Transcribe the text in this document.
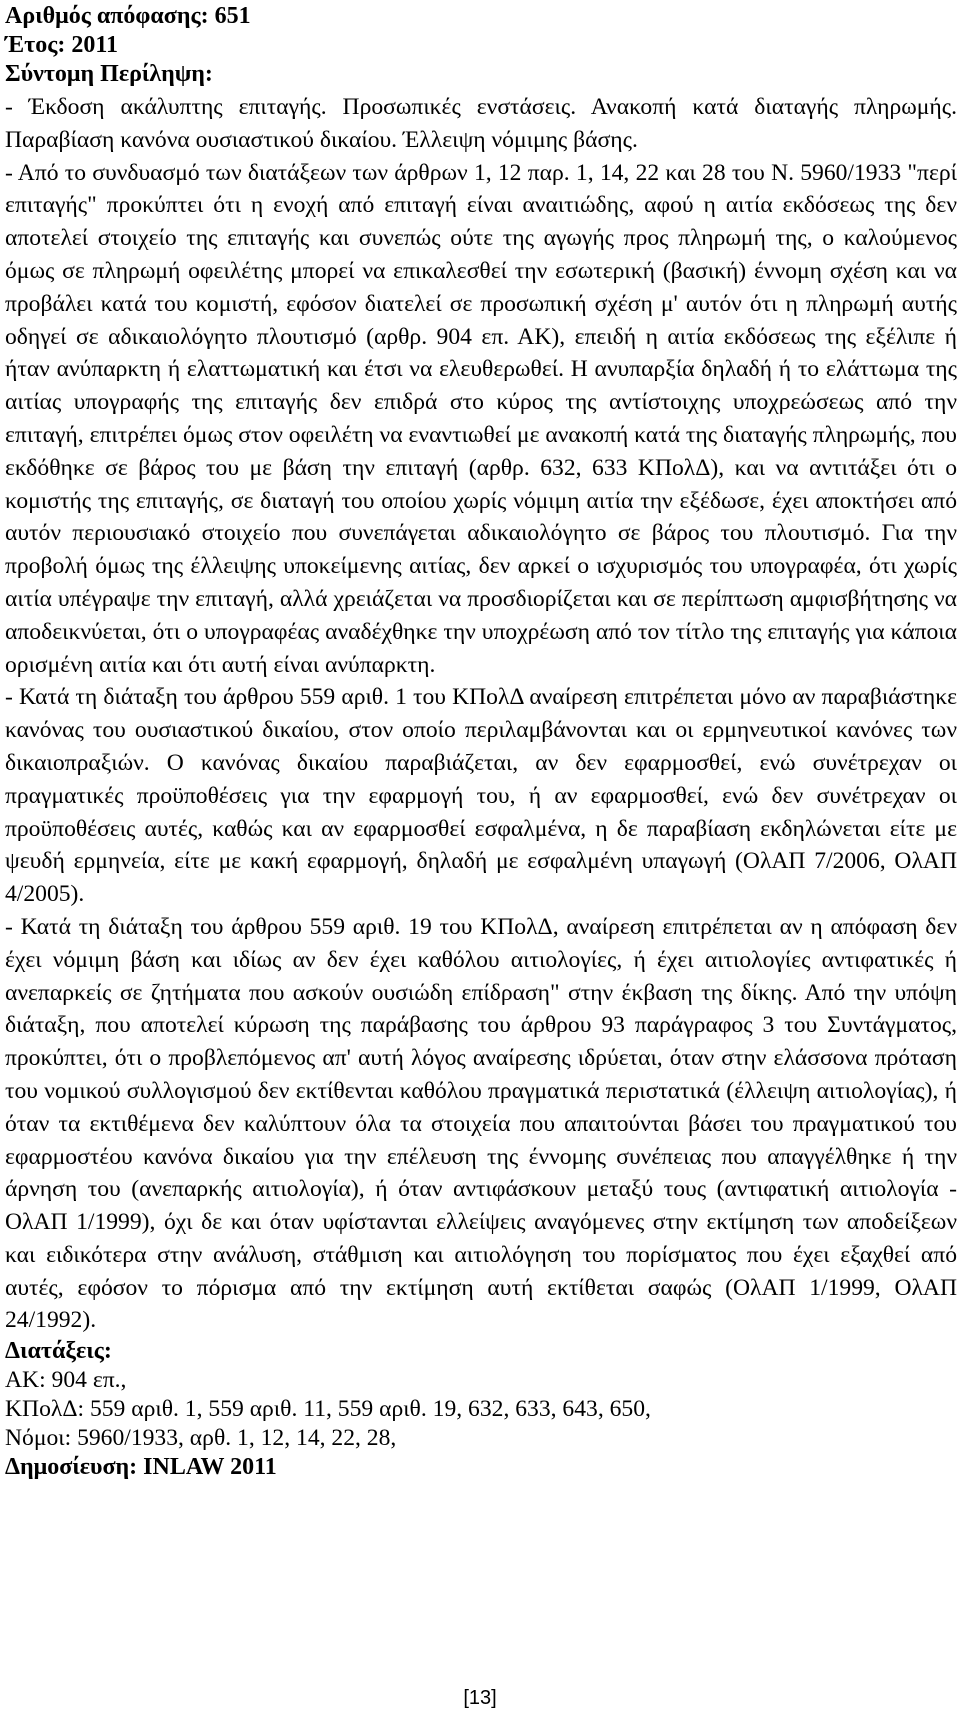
Αριθμός απόφασης: 651

Έτος: 2011

Σύντομη Περίληψη:

- Έκδοση ακάλυπτης επιταγής. Προσωπικές ενστάσεις. Ανακοπή κατά διαταγής πληρωμής. Παραβίαση κανόνα ουσιαστικού δικαίου. Έλλειψη νόμιμης βάσης.

- Από το συνδυασμό των διατάξεων των άρθρων 1, 12 παρ. 1, 14, 22 και 28 του Ν. 5960/1933 "περί επιταγής" προκύπτει ότι η ενοχή από επιταγή είναι αναιτιώδης, αφού η αιτία εκδόσεως της δεν αποτελεί στοιχείο της επιταγής και συνεπώς ούτε της αγωγής προς πληρωμή της, ο καλούμενος όμως σε πληρωμή οφειλέτης μπορεί να επικαλεσθεί την εσωτερική (βασική) έννομη σχέση και να προβάλει κατά του κομιστή, εφόσον διατελεί σε προσωπική σχέση μ' αυτόν ότι η πληρωμή αυτής οδηγεί σε αδικαιολόγητο πλουτισμό (αρθρ. 904 επ. ΑΚ), επειδή η αιτία εκδόσεως της εξέλιπε ή ήταν ανύπαρκτη ή ελαττωματική και έτσι να ελευθερωθεί. Η ανυπαρξία δηλαδή ή το ελάττωμα της αιτίας υπογραφής της επιταγής δεν επιδρά στο κύρος της αντίστοιχης υποχρεώσεως από την επιταγή, επιτρέπει όμως στον οφειλέτη να εναντιωθεί με ανακοπή κατά της διαταγής πληρωμής, που εκδόθηκε σε βάρος του με βάση την επιταγή (αρθρ. 632, 633 ΚΠολΔ), και να αντιτάξει ότι ο κομιστής της επιταγής, σε διαταγή του οποίου χωρίς νόμιμη αιτία την εξέδωσε, έχει αποκτήσει από αυτόν περιουσιακό στοιχείο που συνεπάγεται αδικαιολόγητο σε βάρος του πλουτισμό. Για την προβολή όμως της έλλειψης υποκείμενης αιτίας, δεν αρκεί ο ισχυρισμός του υπογραφέα, ότι χωρίς αιτία υπέγραψε την επιταγή, αλλά χρειάζεται να προσδιορίζεται και σε περίπτωση αμφισβήτησης να αποδεικνύεται, ότι ο υπογραφέας αναδέχθηκε την υποχρέωση από τον τίτλο της επιταγής για κάποια ορισμένη αιτία και ότι αυτή είναι ανύπαρκτη.

- Κατά τη διάταξη του άρθρου 559 αριθ. 1 του ΚΠολΔ αναίρεση επιτρέπεται μόνο αν παραβιάστηκε κανόνας του ουσιαστικού δικαίου, στον οποίο περιλαμβάνονται και οι ερμηνευτικοί κανόνες των δικαιοπραξιών. Ο κανόνας δικαίου παραβιάζεται, αν δεν εφαρμοσθεί, ενώ συνέτρεχαν οι πραγματικές προϋποθέσεις για την εφαρμογή του, ή αν εφαρμοσθεί, ενώ δεν συνέτρεχαν οι προϋποθέσεις αυτές, καθώς και αν εφαρμοσθεί εσφαλμένα, η δε παραβίαση εκδηλώνεται είτε με ψευδή ερμηνεία, είτε με κακή εφαρμογή, δηλαδή με εσφαλμένη υπαγωγή (ΟλΑΠ 7/2006, ΟλΑΠ 4/2005).

- Κατά τη διάταξη του άρθρου 559 αριθ. 19 του ΚΠολΔ, αναίρεση επιτρέπεται αν η απόφαση δεν έχει νόμιμη βάση και ιδίως αν δεν έχει καθόλου αιτιολογίες, ή έχει αιτιολογίες αντιφατικές ή ανεπαρκείς σε ζητήματα που ασκούν ουσιώδη επίδραση" στην έκβαση της δίκης. Από την υπόψη διάταξη, που αποτελεί κύρωση της παράβασης του άρθρου 93 παράγραφος 3 του Συντάγματος, προκύπτει, ότι ο προβλεπόμενος απ' αυτή λόγος αναίρεσης ιδρύεται, όταν στην ελάσσονα πρόταση του νομικού συλλογισμού δεν εκτίθενται καθόλου πραγματικά περιστατικά (έλλειψη αιτιολογίας), ή όταν τα εκτιθέμενα δεν καλύπτουν όλα τα στοιχεία που απαιτούνται βάσει του πραγματικού του εφαρμοστέου κανόνα δικαίου για την επέλευση της έννομης συνέπειας που απαγγέλθηκε ή την άρνηση του (ανεπαρκής αιτιολογία), ή όταν αντιφάσκουν μεταξύ τους (αντιφατική αιτιολογία - ΟλΑΠ 1/1999), όχι δε και όταν υφίστανται ελλείψεις αναγόμενες στην εκτίμηση των αποδείξεων και ειδικότερα στην ανάλυση, στάθμιση και αιτιολόγηση του πορίσματος που έχει εξαχθεί από αυτές, εφόσον το πόρισμα από την εκτίμηση αυτή εκτίθεται σαφώς (ΟλΑΠ 1/1999, ΟλΑΠ 24/1992).

Διατάξεις:

ΑΚ: 904 επ.,

ΚΠολΔ: 559 αριθ. 1, 559 αριθ. 11, 559 αριθ. 19, 632, 633, 643, 650,

Νόμοι: 5960/1933, αρθ. 1, 12, 14, 22, 28,

Δημοσίευση: INLAW 2011

[13]
